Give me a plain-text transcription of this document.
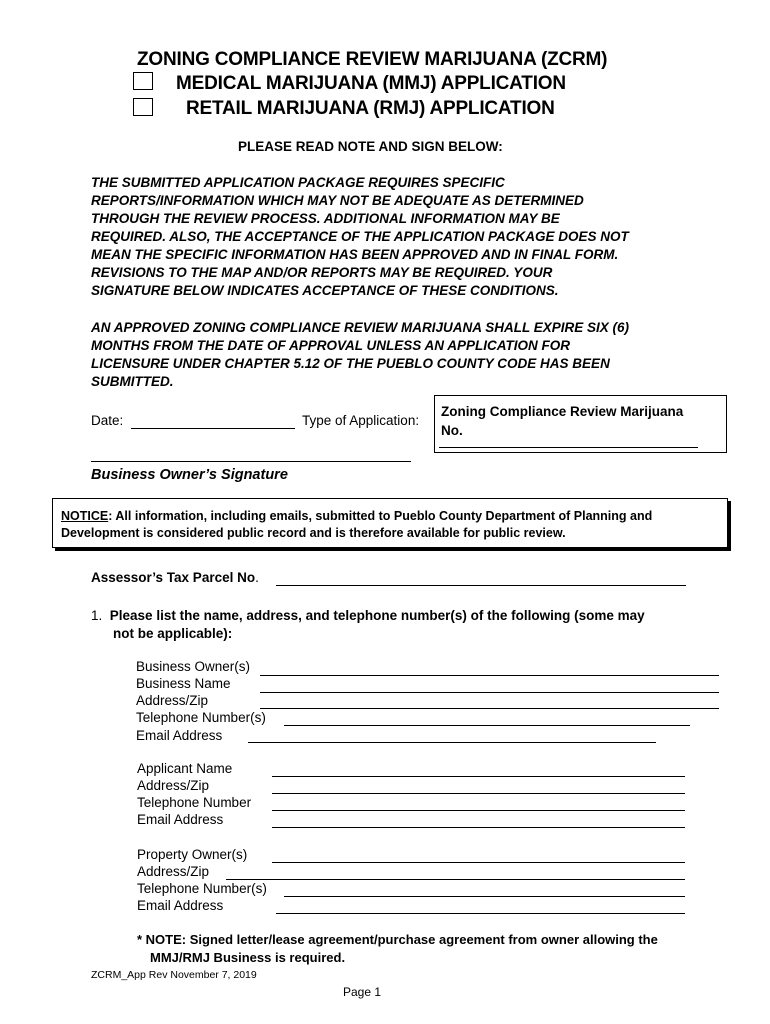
ZONING COMPLIANCE REVIEW MARIJUANA (ZCRM)
MEDICAL MARIJUANA (MMJ) APPLICATION
RETAIL MARIJUANA (RMJ) APPLICATION
PLEASE READ NOTE AND SIGN BELOW:
THE SUBMITTED APPLICATION PACKAGE REQUIRES SPECIFIC
REPORTS/INFORMATION WHICH MAY NOT BE ADEQUATE AS DETERMINED
THROUGH THE REVIEW PROCESS. ADDITIONAL INFORMATION MAY BE
REQUIRED. ALSO, THE ACCEPTANCE OF THE APPLICATION PACKAGE DOES NOT
MEAN THE SPECIFIC INFORMATION HAS BEEN APPROVED AND IN FINAL FORM.
REVISIONS TO THE MAP AND/OR REPORTS MAY BE REQUIRED. YOUR
SIGNATURE BELOW INDICATES ACCEPTANCE OF THESE CONDITIONS.
AN APPROVED ZONING COMPLIANCE REVIEW MARIJUANA SHALL EXPIRE SIX (6)
MONTHS FROM THE DATE OF APPROVAL UNLESS AN APPLICATION FOR
LICENSURE UNDER CHAPTER 5.12 OF THE PUEBLO COUNTY CODE HAS BEEN
SUBMITTED.
Date:	Type of Application:
Zoning Compliance Review Marijuana
No.
Business Owner’s Signature
NOTICE: All information, including emails, submitted to Pueblo County Department of Planning and
Development is considered public record and is therefore available for public review.
Assessor’s Tax Parcel No.
1. Please list the name, address, and telephone number(s) of the following (some may
not be applicable):
Business Owner(s)
Business Name
Address/Zip
Telephone Number(s)
Email Address
Applicant Name
Address/Zip
Telephone Number
Email Address
Property Owner(s)
Address/Zip
Telephone Number(s)
Email Address
* NOTE: Signed letter/lease agreement/purchase agreement from owner allowing the
MMJ/RMJ Business is required.
ZCRM_App Rev November 7, 2019
Page 1
